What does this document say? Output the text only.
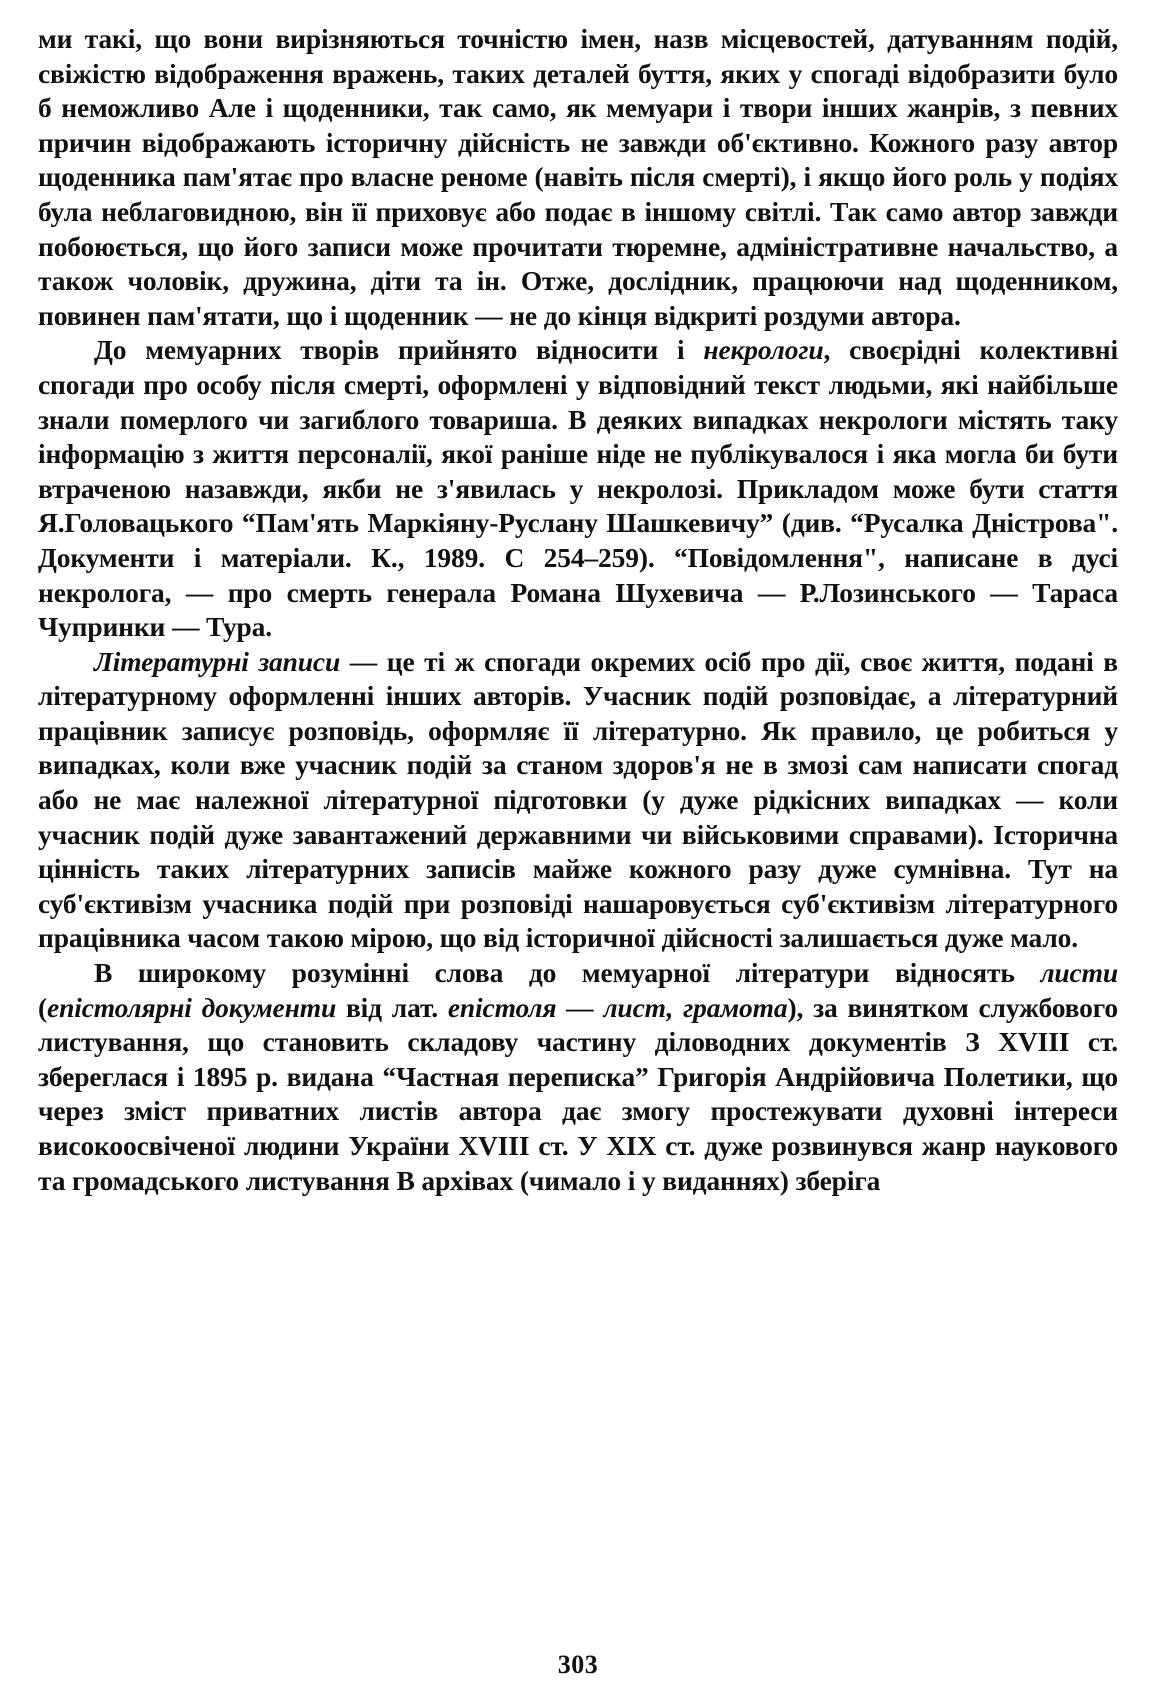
ми такі, що вони вирізняються точністю імен, назв місцевостей, датуванням подій, свіжістю відображення вражень, таких деталей буття, яких у спогаді відобразити було б неможливо Але і щоденники, так само, як мемуари і твори інших жанрів, з певних причин відображають історичну дійсність не завжди об'єктивно. Кожного разу автор щоденника пам'ятає про власне реноме (навіть після смерті), і якщо його роль у подіях була неблаговидною, він її приховує або подає в іншому світлі. Так само автор завжди побоюється, що його записи може прочитати тюремне, адміністративне начальство, а також чоловік, дружина, діти та ін. Отже, дослідник, працюючи над щоденником, повинен пам'ятати, що і щоденник — не до кінця відкриті роздуми автора.

До мемуарних творів прийнято відносити і некрологи, своєрідні колективні спогади про особу після смерті, оформлені у відповідний текст людьми, які найбільше знали померлого чи загиблого товариша. В деяких випадках некрологи містять таку інформацію з життя персоналії, якої раніше ніде не публікувалося і яка могла би бути втраченою назавжди, якби не з'явилась у некролозі. Прикладом може бути стаття Я.Головацького “Пам'ять Маркіяну-Руслану Шашкевичу” (див. “Русалка Дністрова". Документи і матеріали. К., 1989. С 254–259). “Повідомлення", написане в дусі некролога, — про смерть генерала Романа Шухевича — Р.Лозинського — Тараса Чупринки — Тура.

Літературні записи — це ті ж спогади окремих осіб про дії, своє життя, подані в літературному оформленні інших авторів. Учасник подій розповідає, а літературний працівник записує розповідь, оформляє її літературно. Як правило, це робиться у випадках, коли вже учасник подій за станом здоров'я не в змозі сам написати спогад або не має належної літературної підготовки (у дуже рідкісних випадках — коли учасник подій дуже завантажений державними чи військовими справами). Історична цінність таких літературних записів майже кожного разу дуже сумнівна. Тут на суб'єктивізм учасника подій при розповіді нашаровується суб'єктивізм літературного працівника часом такою мірою, що від історичної дійсності залишається дуже мало.

В широкому розумінні слова до мемуарної літератури відносять листи (епістолярні документи від лат. епістоля — лист, грамота), за винятком службового листування, що становить складову частину діловодних документів З XVIII ст. збереглася і 1895 р. видана “Частная переписка” Григорія Андрійовича Полетики, що через зміст приватних листів автора дає змогу простежувати духовні інтереси високоосвіченої людини України XVIII ст. У XIX ст. дуже розвинувся жанр наукового та громадського листування В архівах (чимало і у виданнях) зберіга

303
